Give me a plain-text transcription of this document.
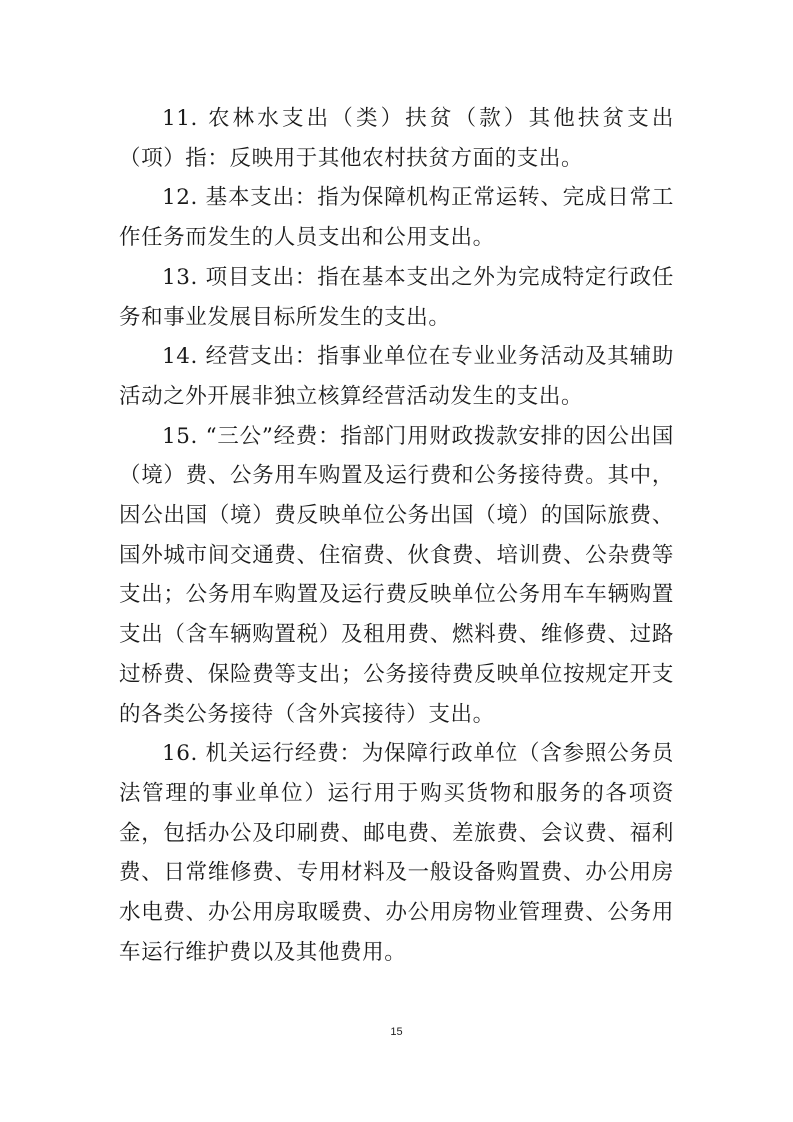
11. 农林水支出（类）扶贫（款）其他扶贫支出（项）指：反映用于其他农村扶贫方面的支出。

12. 基本支出：指为保障机构正常运转、完成日常工作任务而发生的人员支出和公用支出。

13. 项目支出：指在基本支出之外为完成特定行政任务和事业发展目标所发生的支出。

14. 经营支出：指事业单位在专业业务活动及其辅助活动之外开展非独立核算经营活动发生的支出。

15. “三公”经费：指部门用财政拨款安排的因公出国（境）费、公务用车购置及运行费和公务接待费。其中，因公出国（境）费反映单位公务出国（境）的国际旅费、国外城市间交通费、住宿费、伙食费、培训费、公杂费等支出；公务用车购置及运行费反映单位公务用车车辆购置支出（含车辆购置税）及租用费、燃料费、维修费、过路过桥费、保险费等支出；公务接待费反映单位按规定开支的各类公务接待（含外宾接待）支出。

16. 机关运行经费：为保障行政单位（含参照公务员法管理的事业单位）运行用于购买货物和服务的各项资金，包括办公及印刷费、邮电费、差旅费、会议费、福利费、日常维修费、专用材料及一般设备购置费、办公用房水电费、办公用房取暖费、办公用房物业管理费、公务用车运行维护费以及其他费用。

15
